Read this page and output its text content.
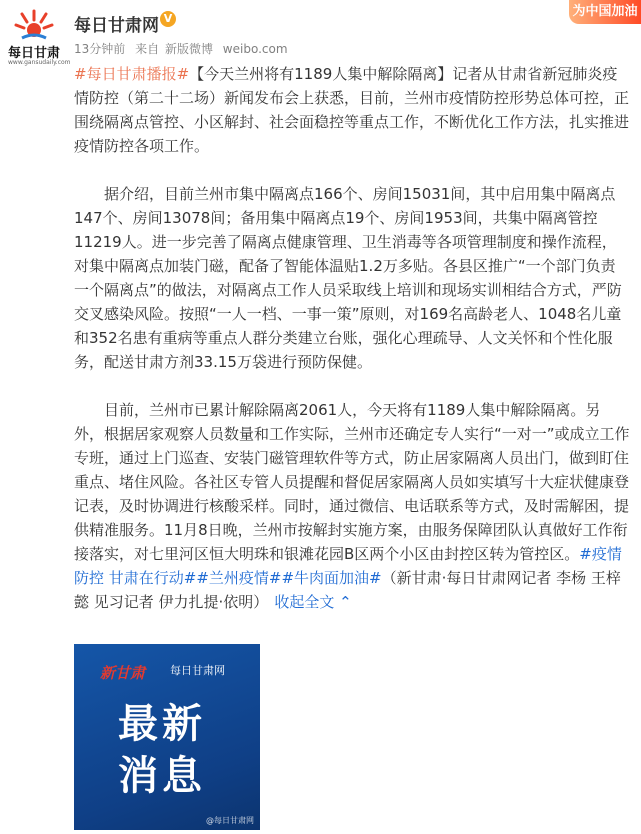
每日甘肃
www.gansudaily.com
每日甘肃网 V
13分钟前 来自 新版微博 weibo.com
为中国加油

#每日甘肃播报#【今天兰州将有1189人集中解除隔离】记者从甘肃省新冠肺炎疫情防控（第二十二场）新闻发布会上获悉，目前，兰州市疫情防控形势总体可控，正围绕隔离点管控、小区解封、社会面稳控等重点工作，不断优化工作方法，扎实推进疫情防控各项工作。

据介绍，目前兰州市集中隔离点166个、房间15031间，其中启用集中隔离点147个、房间13078间；备用集中隔离点19个、房间1953间，共集中隔离管控11219人。进一步完善了隔离点健康管理、卫生消毒等各项管理制度和操作流程，对集中隔离点加装门磁，配备了智能体温贴1.2万多贴。各县区推广“一个部门负责一个隔离点”的做法，对隔离点工作人员采取线上培训和现场实训相结合方式，严防交叉感染风险。按照“一人一档、一事一策”原则，对169名高龄老人、1048名儿童和352名患有重病等重点人群分类建立台账，强化心理疏导、人文关怀和个性化服务，配送甘肃方剂33.15万袋进行预防保健。

目前，兰州市已累计解除隔离2061人，今天将有1189人集中解除隔离。另外，根据居家观察人员数量和工作实际，兰州市还确定专人实行“一对一”或成立工作专班，通过上门巡查、安装门磁管理软件等方式，防止居家隔离人员出门，做到盯住重点、堵住风险。各社区专管人员提醒和督促居家隔离人员如实填写十大症状健康登记表，及时协调进行核酸采样。同时，通过微信、电话联系等方式，及时需解困，提供精准服务。11月8日晚，兰州市按解封实施方案，由服务保障团队认真做好工作衔接落实，对七里河区恒大明珠和银滩花园B区两个小区由封控区转为管控区。#疫情防控 甘肃在行动##兰州疫情##牛肉面加油#（新甘肃·每日甘肃网记者 李杨 王梓懿 见习记者 伊力扎提·依明） 收起全文 ⌃

新甘肃 每日甘肃网
最新消息
@每日甘肃网
